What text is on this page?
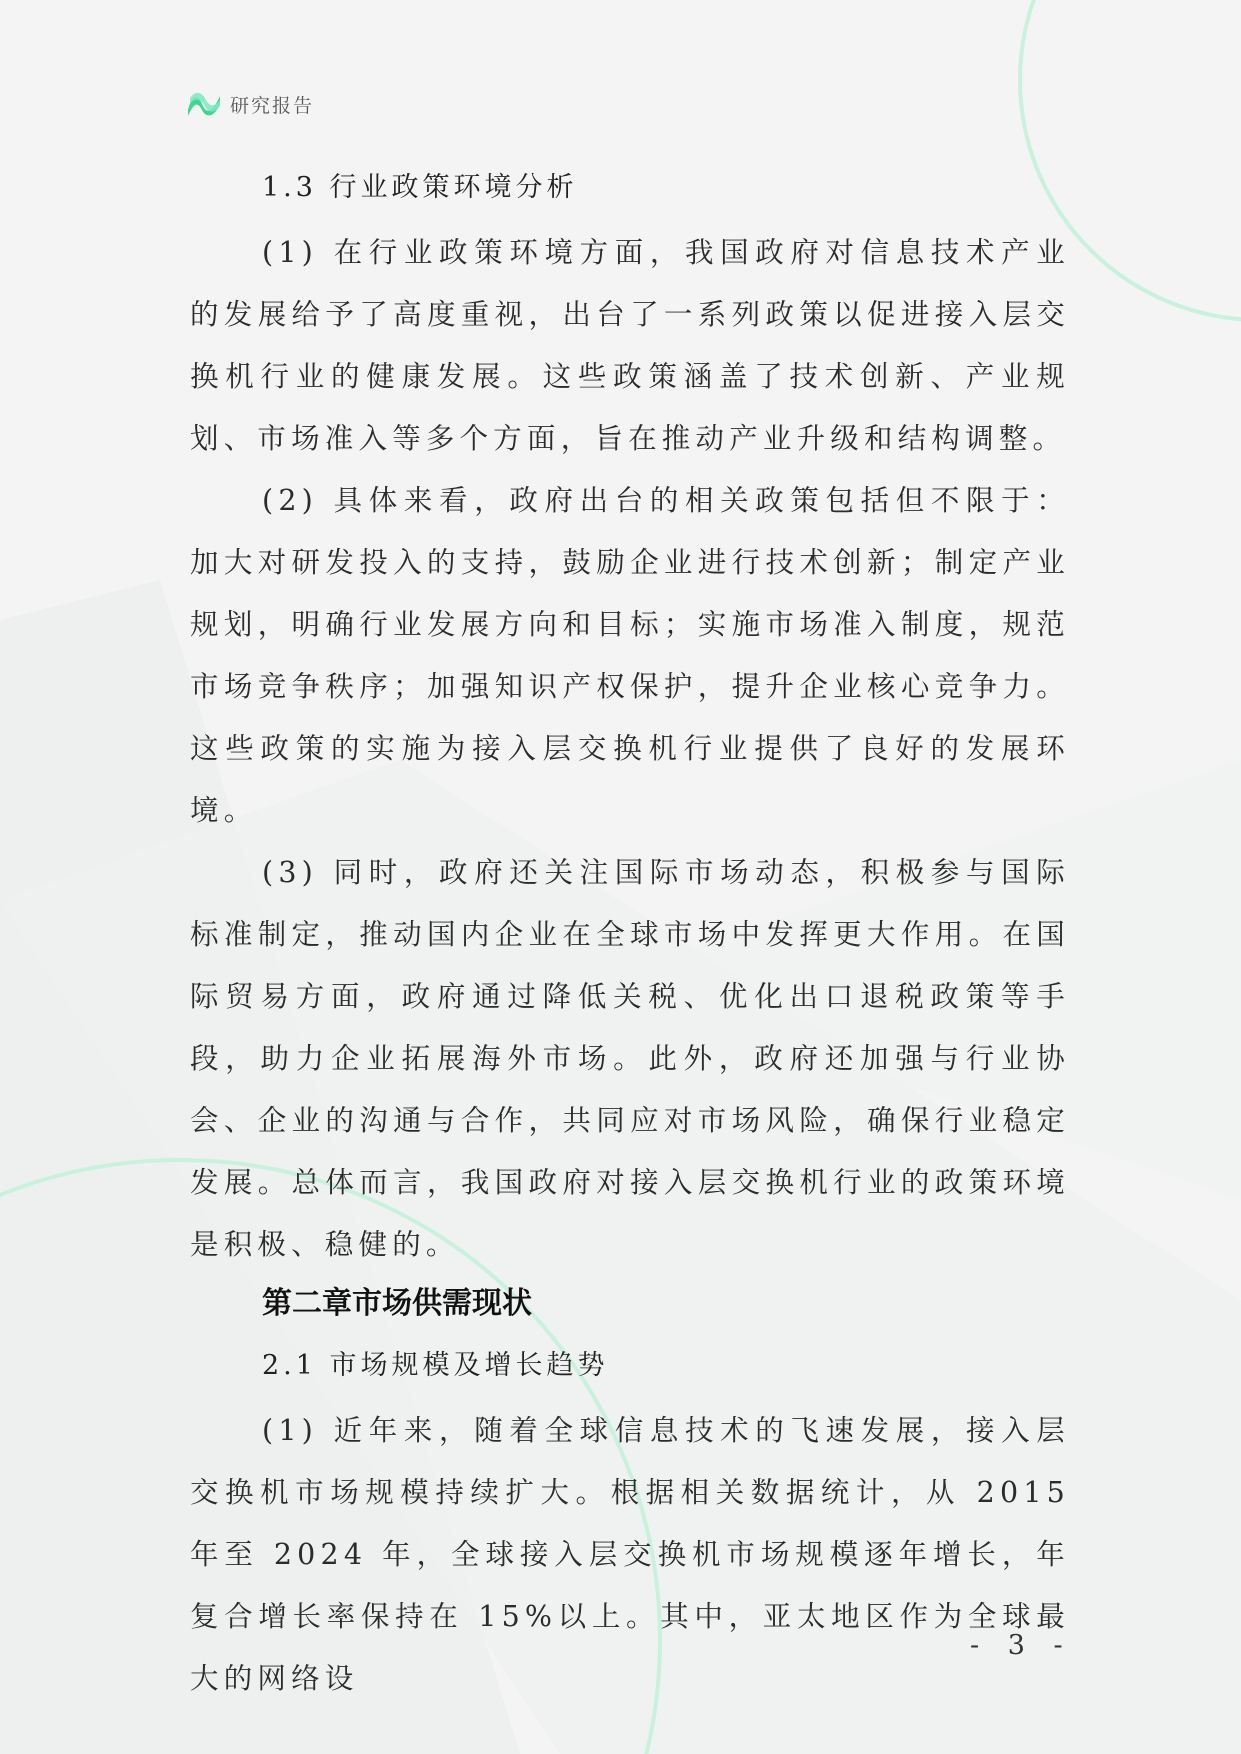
研究报告
1.3 行业政策环境分析
(1) 在行业政策环境方面，我国政府对信息技术产业的发展给予了高度重视，出台了一系列政策以促进接入层交换机行业的健康发展。这些政策涵盖了技术创新、产业规划、市场准入等多个方面，旨在推动产业升级和结构调整。
(2) 具体来看，政府出台的相关政策包括但不限于：加大对研发投入的支持，鼓励企业进行技术创新；制定产业规划，明确行业发展方向和目标；实施市场准入制度，规范市场竞争秩序；加强知识产权保护，提升企业核心竞争力。这些政策的实施为接入层交换机行业提供了良好的发展环境。
(3) 同时，政府还关注国际市场动态，积极参与国际标准制定，推动国内企业在全球市场中发挥更大作用。在国际贸易方面，政府通过降低关税、优化出口退税政策等手段，助力企业拓展海外市场。此外，政府还加强与行业协会、企业的沟通与合作，共同应对市场风险，确保行业稳定发展。总体而言，我国政府对接入层交换机行业的政策环境是积极、稳健的。
第二章市场供需现状
2.1 市场规模及增长趋势
(1) 近年来，随着全球信息技术的飞速发展，接入层交换机市场规模持续扩大。根据相关数据统计，从 2015 年至 2024 年，全球接入层交换机市场规模逐年增长，年复合增长率保持在 15%以上。其中，亚太地区作为全球最大的网络设
- 3 -
